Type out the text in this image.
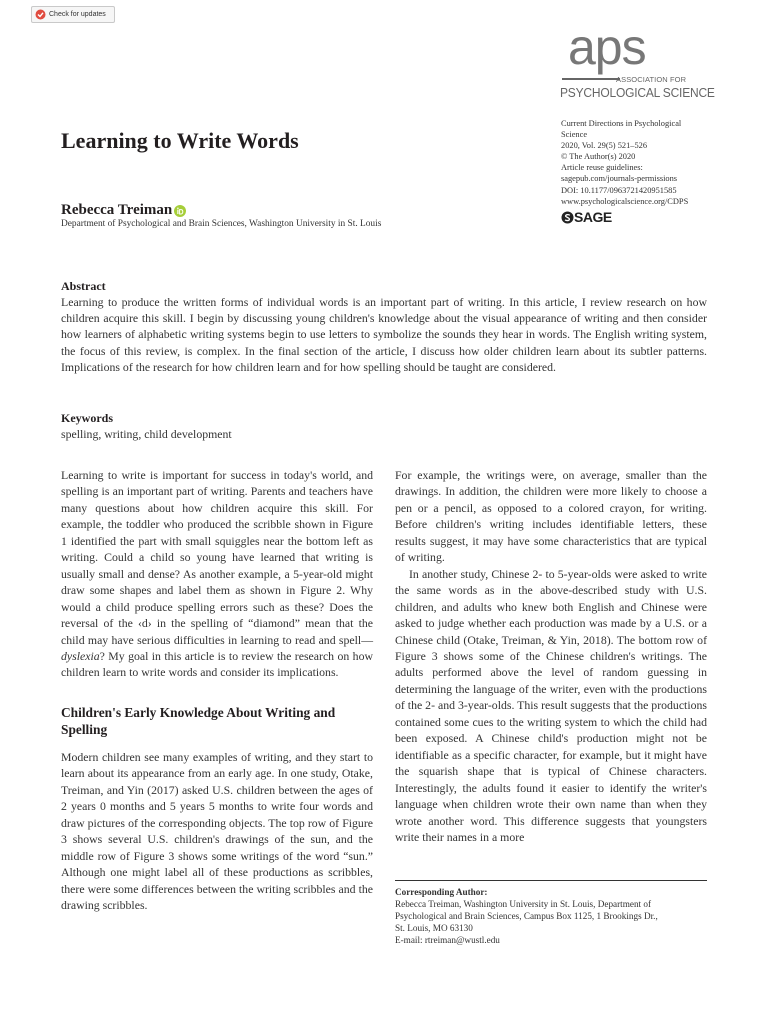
Check for updates
aps
ASSOCIATION FOR
PSYCHOLOGICAL SCIENCE
Current Directions in Psychological
Science
2020, Vol. 29(5) 521–526
© The Author(s) 2020
Article reuse guidelines:
sagepub.com/journals-permissions
DOI: 10.1177/0963721420951585
www.psychologicalscience.org/CDPS
SAGE
Learning to Write Words
Rebecca Treiman
Department of Psychological and Brain Sciences, Washington University in St. Louis
Abstract
Learning to produce the written forms of individual words is an important part of writing. In this article, I review research on how children acquire this skill. I begin by discussing young children's knowledge about the visual appearance of writing and then consider how learners of alphabetic writing systems begin to use letters to symbolize the sounds they hear in words. The English writing system, the focus of this review, is complex. In the final section of the article, I discuss how older children learn about its subtler patterns. Implications of the research for how children learn and for how spelling should be taught are considered.
Keywords
spelling, writing, child development

Learning to write is important for success in today's world, and spelling is an important part of writing. Parents and teachers have many questions about how children acquire this skill. For example, the toddler who produced the scribble shown in Figure 1 identified the part with small squiggles near the bottom left as writing. Could a child so young have learned that writing is usually small and dense? As another example, a 5-year-old might draw some shapes and label them as shown in Figure 2. Why would a child produce spelling errors such as these? Does the reversal of the ‹d› in the spelling of “diamond” mean that the child may have serious difficulties in learning to read and spell—dyslexia? My goal in this article is to review the research on how children learn to write words and consider its implications.

Children's Early Knowledge About Writing and Spelling

Modern children see many examples of writing, and they start to learn about its appearance from an early age. In one study, Otake, Treiman, and Yin (2017) asked U.S. children between the ages of 2 years 0 months and 5 years 5 months to write four words and draw pictures of the corresponding objects. The top row of Figure 3 shows several U.S. children's drawings of the sun, and the middle row of Figure 3 shows some writings of the word “sun.” Although one might label all of these productions as scribbles, there were some differences between the writing scribbles and the drawing scribbles.

For example, the writings were, on average, smaller than the drawings. In addition, the children were more likely to choose a pen or a pencil, as opposed to a colored crayon, for writing. Before children's writing includes identifiable letters, these results suggest, it may have some characteristics that are typical of writing.

In another study, Chinese 2- to 5-year-olds were asked to write the same words as in the above-described study with U.S. children, and adults who knew both English and Chinese were asked to judge whether each production was made by a U.S. or a Chinese child (Otake, Treiman, & Yin, 2018). The bottom row of Figure 3 shows some of the Chinese children's writings. The adults performed above the level of random guessing in determining the language of the writer, even with the productions of the 2- and 3-year-olds. This result suggests that the productions contained some cues to the writing system to which the child had been exposed. A Chinese child's production might not be identifiable as a specific character, for example, but it might have the squarish shape that is typical of Chinese characters. Interestingly, the adults found it easier to identify the writer's language when children wrote their own name than when they wrote another word. This difference suggests that youngsters write their names in a more

Corresponding Author:
Rebecca Treiman, Washington University in St. Louis, Department of
Psychological and Brain Sciences, Campus Box 1125, 1 Brookings Dr.,
St. Louis, MO 63130
E-mail: rtreiman@wustl.edu
